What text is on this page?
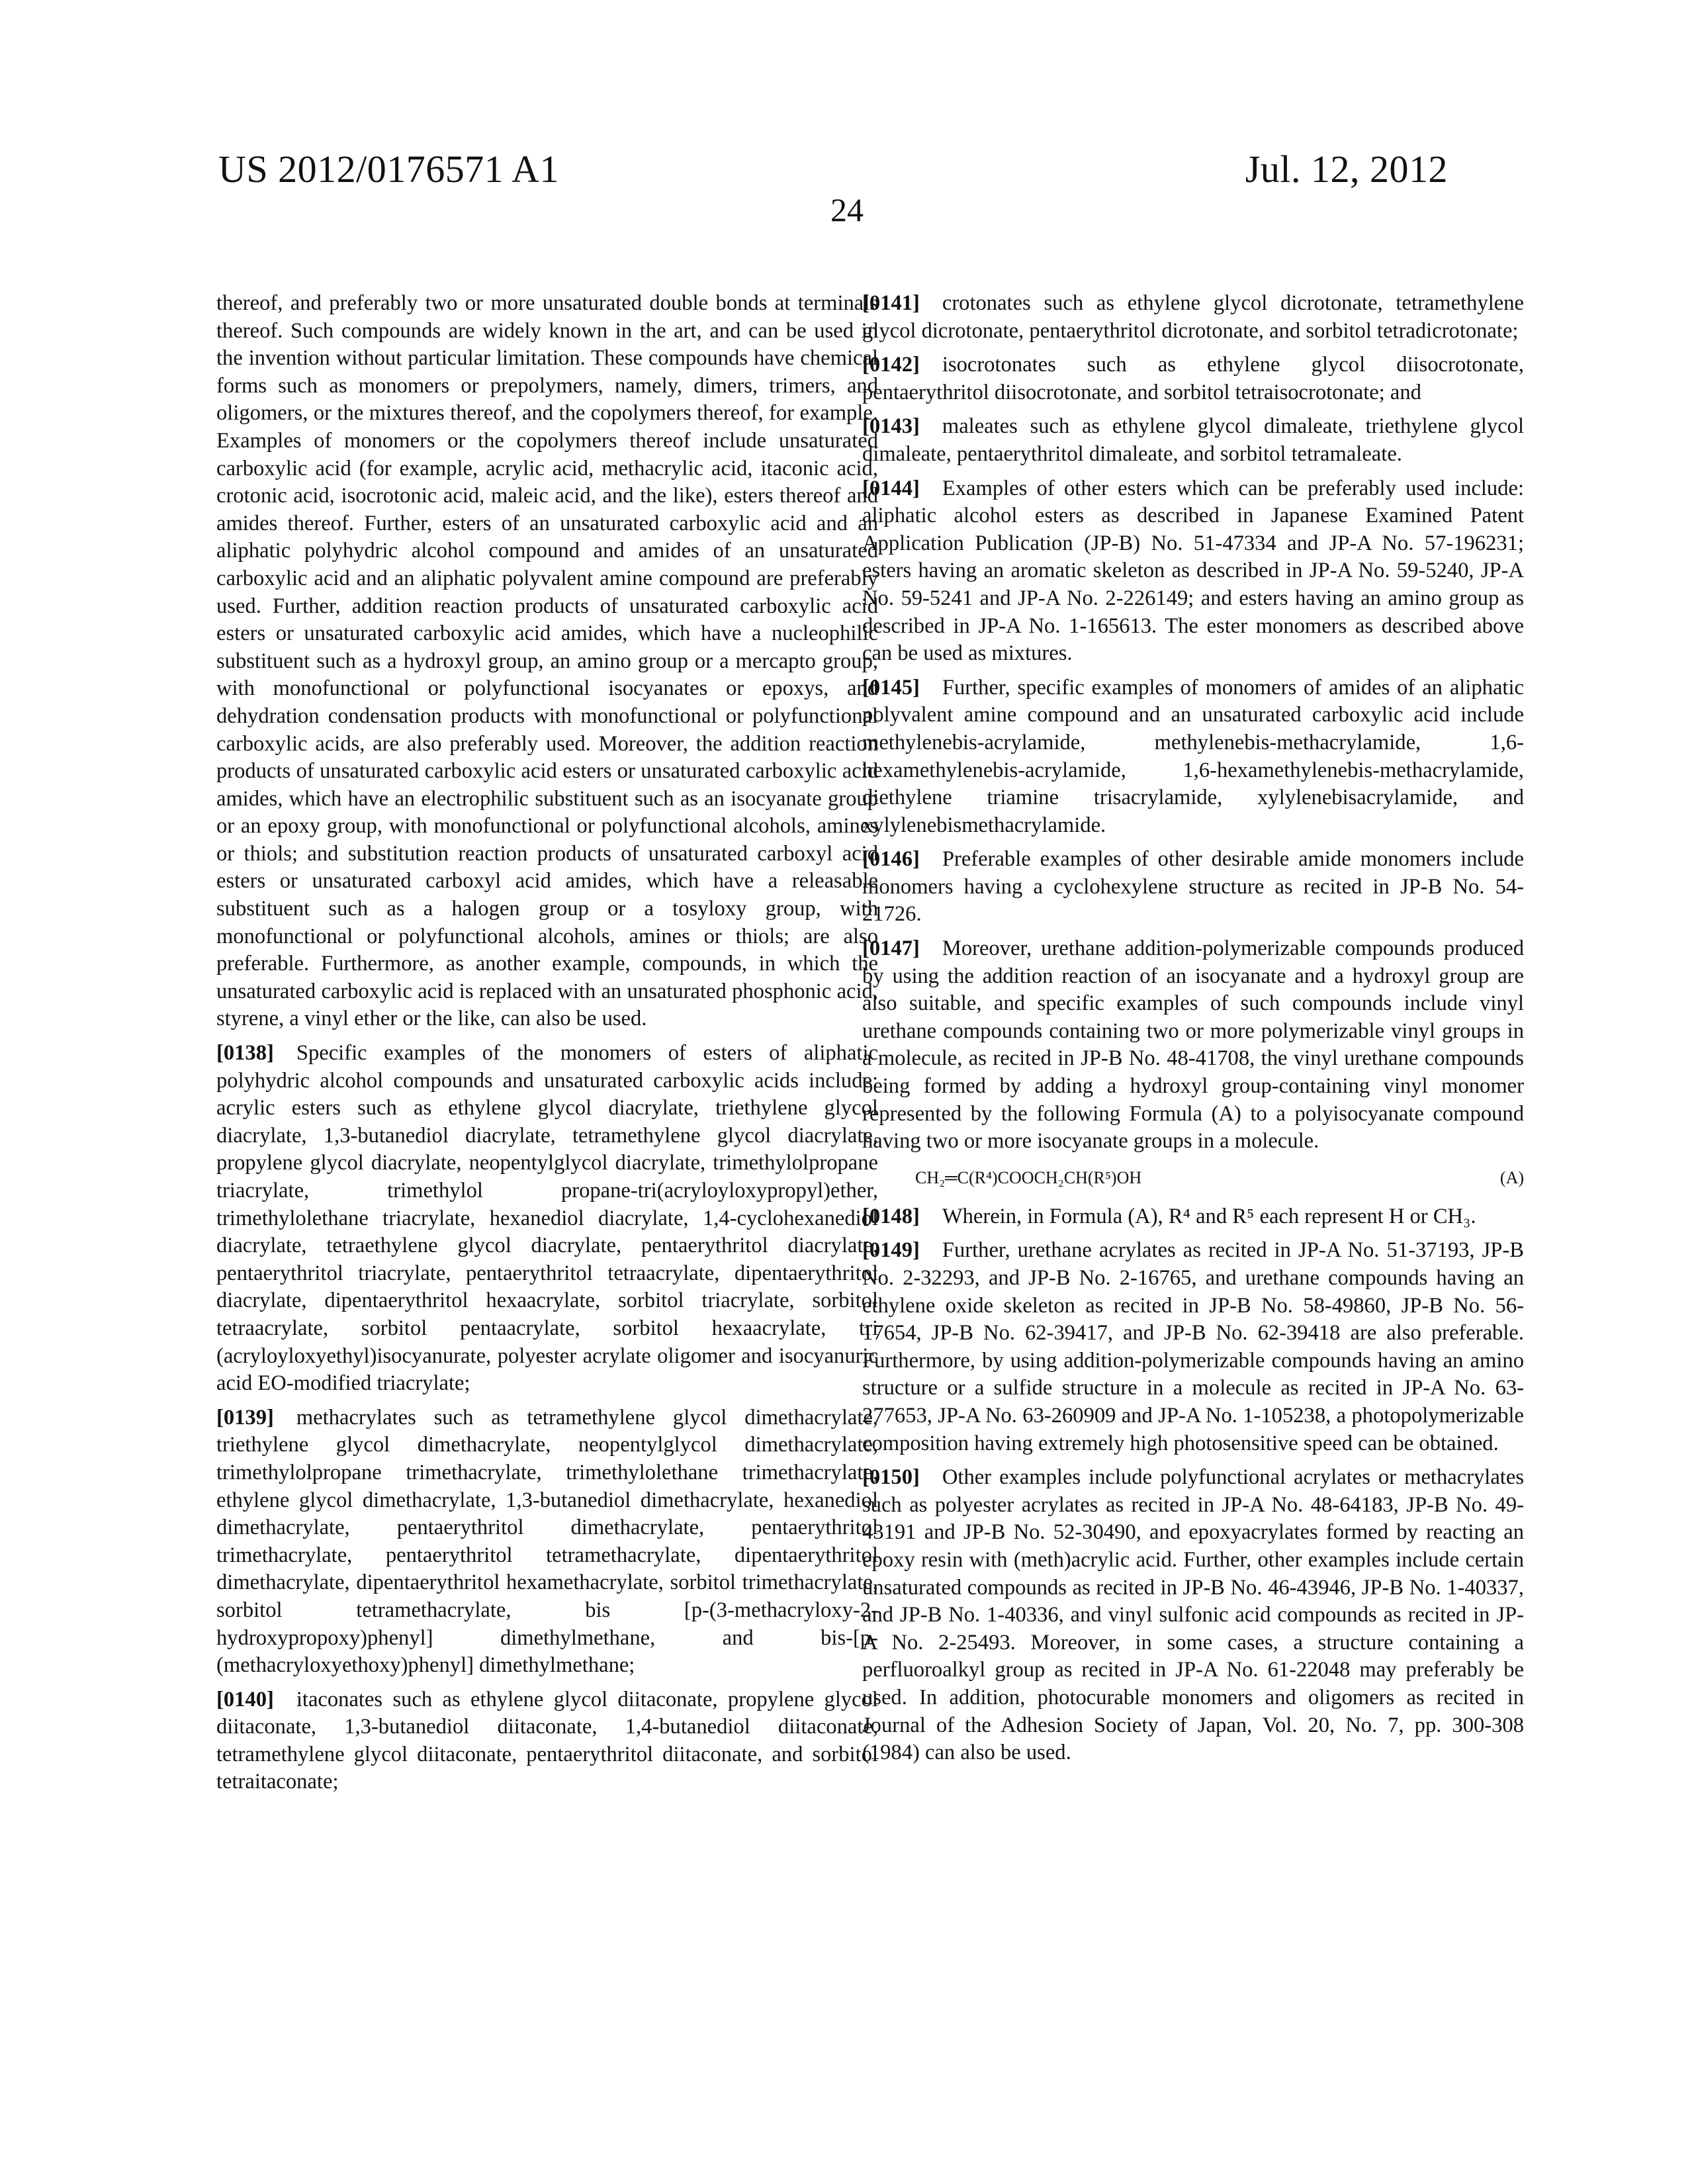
US 2012/0176571 A1	Jul. 12, 2012
24

thereof, and preferably two or more unsaturated double bonds at terminals thereof. Such compounds are widely known in the art, and can be used in the invention without particular limitation. These compounds have chemical forms such as monomers or prepolymers, namely, dimers, trimers, and oligomers, or the mixtures thereof, and the copolymers thereof, for example. Examples of monomers or the copolymers thereof include unsaturated carboxylic acid (for example, acrylic acid, methacrylic acid, itaconic acid, crotonic acid, isocrotonic acid, maleic acid, and the like), esters thereof and amides thereof. Further, esters of an unsaturated carboxylic acid and an aliphatic polyhydric alcohol compound and amides of an unsaturated carboxylic acid and an aliphatic polyvalent amine compound are preferably used. Further, addition reaction products of unsaturated carboxylic acid esters or unsaturated carboxylic acid amides, which have a nucleophilic substituent such as a hydroxyl group, an amino group or a mercapto group, with monofunctional or polyfunctional isocyanates or epoxys, and dehydration condensation products with monofunctional or polyfunctional carboxylic acids, are also preferably used. Moreover, the addition reaction products of unsaturated carboxylic acid esters or unsaturated carboxylic acid amides, which have an electrophilic substituent such as an isocyanate group or an epoxy group, with monofunctional or polyfunctional alcohols, amines or thiols; and substitution reaction products of unsaturated carboxyl acid esters or unsaturated carboxyl acid amides, which have a releasable substituent such as a halogen group or a tosyloxy group, with monofunctional or polyfunctional alcohols, amines or thiols; are also preferable. Furthermore, as another example, compounds, in which the unsaturated carboxylic acid is replaced with an unsaturated phosphonic acid, styrene, a vinyl ether or the like, can also be used.

[0138] Specific examples of the monomers of esters of aliphatic polyhydric alcohol compounds and unsaturated carboxylic acids include: acrylic esters such as ethylene glycol diacrylate, triethylene glycol diacrylate, 1,3-butanediol diacrylate, tetramethylene glycol diacrylate, propylene glycol diacrylate, neopentylglycol diacrylate, trimethylolpropane triacrylate, trimethylol propane-tri(acryloyloxypropyl)ether, trimethylolethane triacrylate, hexanediol diacrylate, 1,4-cyclohexanediol diacrylate, tetraethylene glycol diacrylate, pentaerythritol diacrylate, pentaerythritol triacrylate, pentaerythritol tetraacrylate, dipentaerythritol diacrylate, dipentaerythritol hexaacrylate, sorbitol triacrylate, sorbitol tetraacrylate, sorbitol pentaacrylate, sorbitol hexaacrylate, tri (acryloyloxyethyl)isocyanurate, polyester acrylate oligomer and isocyanuric acid EO-modified triacrylate;

[0139] methacrylates such as tetramethylene glycol dimethacrylate, triethylene glycol dimethacrylate, neopentylglycol dimethacrylate, trimethylolpropane trimethacrylate, trimethylolethane trimethacrylate, ethylene glycol dimethacrylate, 1,3-butanediol dimethacrylate, hexanediol dimethacrylate, pentaerythritol dimethacrylate, pentaerythritol trimethacrylate, pentaerythritol tetramethacrylate, dipentaerythritol dimethacrylate, dipentaerythritol hexamethacrylate, sorbitol trimethacrylate, sorbitol tetramethacrylate, bis [p-(3-methacryloxy-2-hydroxypropoxy)phenyl] dimethylmethane, and bis-[p-(methacryloxyethoxy)phenyl] dimethylmethane;

[0140] itaconates such as ethylene glycol diitaconate, propylene glycol diitaconate, 1,3-butanediol diitaconate, 1,4-butanediol diitaconate, tetramethylene glycol diitaconate, pentaerythritol diitaconate, and sorbitol tetraitaconate;

[0141] crotonates such as ethylene glycol dicrotonate, tetramethylene glycol dicrotonate, pentaerythritol dicrotonate, and sorbitol tetradicrotonate;

[0142] isocrotonates such as ethylene glycol diisocrotonate, pentaerythritol diisocrotonate, and sorbitol tetraisocrotonate; and

[0143] maleates such as ethylene glycol dimaleate, triethylene glycol dimaleate, pentaerythritol dimaleate, and sorbitol tetramaleate.

[0144] Examples of other esters which can be preferably used include: aliphatic alcohol esters as described in Japanese Examined Patent Application Publication (JP-B) No. 51-47334 and JP-A No. 57-196231; esters having an aromatic skeleton as described in JP-A No. 59-5240, JP-A No. 59-5241 and JP-A No. 2-226149; and esters having an amino group as described in JP-A No. 1-165613. The ester monomers as described above can be used as mixtures.

[0145] Further, specific examples of monomers of amides of an aliphatic polyvalent amine compound and an unsaturated carboxylic acid include methylenebis-acrylamide, methylenebis-methacrylamide, 1,6-hexamethylenebis-acrylamide, 1,6-hexamethylenebis-methacrylamide, diethylene triamine trisacrylamide, xylylenebisacrylamide, and xylylenebismethacrylamide.

[0146] Preferable examples of other desirable amide monomers include monomers having a cyclohexylene structure as recited in JP-B No. 54-21726.

[0147] Moreover, urethane addition-polymerizable compounds produced by using the addition reaction of an isocyanate and a hydroxyl group are also suitable, and specific examples of such compounds include vinyl urethane compounds containing two or more polymerizable vinyl groups in a molecule, as recited in JP-B No. 48-41708, the vinyl urethane compounds being formed by adding a hydroxyl group-containing vinyl monomer represented by the following Formula (A) to a polyisocyanate compound having two or more isocyanate groups in a molecule.

CH₂═C(R⁴)COOCH₂CH(R⁵)OH	(A)

[0148] Wherein, in Formula (A), R⁴ and R⁵ each represent H or CH₃.

[0149] Further, urethane acrylates as recited in JP-A No. 51-37193, JP-B No. 2-32293, and JP-B No. 2-16765, and urethane compounds having an ethylene oxide skeleton as recited in JP-B No. 58-49860, JP-B No. 56-17654, JP-B No. 62-39417, and JP-B No. 62-39418 are also preferable. Furthermore, by using addition-polymerizable compounds having an amino structure or a sulfide structure in a molecule as recited in JP-A No. 63-277653, JP-A No. 63-260909 and JP-A No. 1-105238, a photopolymerizable composition having extremely high photosensitive speed can be obtained.

[0150] Other examples include polyfunctional acrylates or methacrylates such as polyester acrylates as recited in JP-A No. 48-64183, JP-B No. 49-43191 and JP-B No. 52-30490, and epoxyacrylates formed by reacting an epoxy resin with (meth)acrylic acid. Further, other examples include certain unsaturated compounds as recited in JP-B No. 46-43946, JP-B No. 1-40337, and JP-B No. 1-40336, and vinyl sulfonic acid compounds as recited in JP-A No. 2-25493. Moreover, in some cases, a structure containing a perfluoroalkyl group as recited in JP-A No. 61-22048 may preferably be used. In addition, photocurable monomers and oligomers as recited in Journal of the Adhesion Society of Japan, Vol. 20, No. 7, pp. 300-308 (1984) can also be used.
